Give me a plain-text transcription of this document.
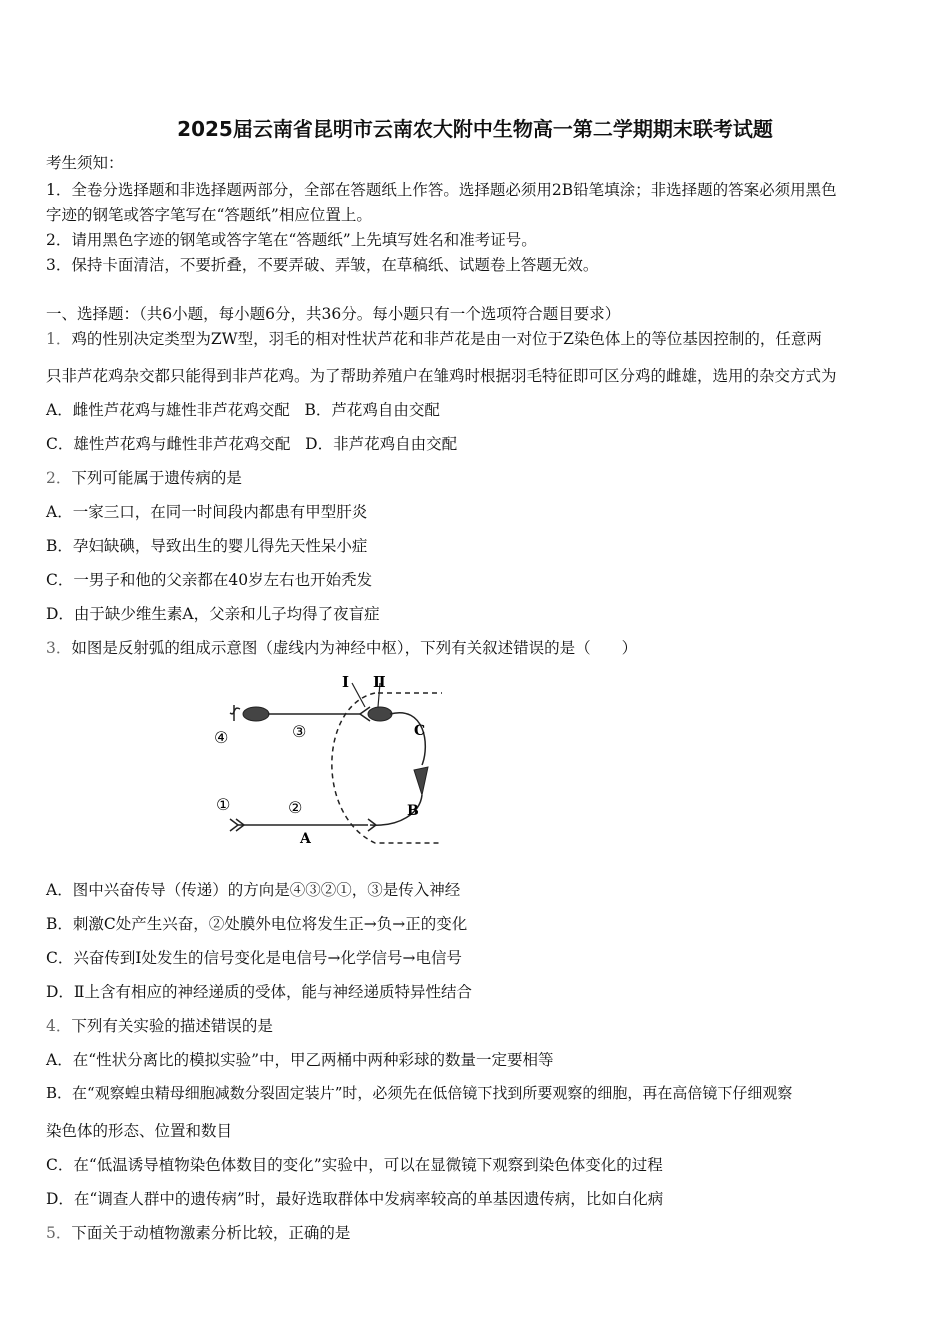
2025届云南省昆明市云南农大附中生物高一第二学期期末联考试题
考生须知：
1．全卷分选择题和非选择题两部分，全部在答题纸上作答。选择题必须用2B铅笔填涂；非选择题的答案必须用黑色
字迹的钢笔或答字笔写在“答题纸”相应位置上。
2．请用黑色字迹的钢笔或答字笔在“答题纸”上先填写姓名和准考证号。
3．保持卡面清洁，不要折叠，不要弄破、弄皱，在草稿纸、试题卷上答题无效。
一、选择题：（共6小题，每小题6分，共36分。每小题只有一个选项符合题目要求）
1．鸡的性别决定类型为ZW型，羽毛的相对性状芦花和非芦花是由一对位于Z染色体上的等位基因控制的，任意两
只非芦花鸡杂交都只能得到非芦花鸡。为了帮助养殖户在雏鸡时根据羽毛特征即可区分鸡的雌雄，选用的杂交方式为
A．雌性芦花鸡与雄性非芦花鸡交配 B．芦花鸡自由交配
C．雄性芦花鸡与雌性非芦花鸡交配 D．非芦花鸡自由交配
2．下列可能属于遗传病的是
A．一家三口，在同一时间段内都患有甲型肝炎
B．孕妇缺碘，导致出生的婴儿得先天性呆小症
C．一男子和他的父亲都在40岁左右也开始秃发
D．由于缺少维生素A，父亲和儿子均得了夜盲症
3．如图是反射弧的组成示意图（虚线内为神经中枢），下列有关叙述错误的是（　　）
Ⅰ Ⅱ
C
B
A
④	③
①	②
A．图中兴奋传导（传递）的方向是④③②①，③是传入神经
B．刺激C处产生兴奋，②处膜外电位将发生正→负→正的变化
C．兴奋传到Ⅰ处发生的信号变化是电信号→化学信号→电信号
D．Ⅱ上含有相应的神经递质的受体，能与神经递质特异性结合
4．下列有关实验的描述错误的是
A．在“性状分离比的模拟实验”中，甲乙两桶中两种彩球的数量一定要相等
B．在“观察蝗虫精母细胞减数分裂固定装片”时，必须先在低倍镜下找到所要观察的细胞，再在高倍镜下仔细观察
染色体的形态、位置和数目
C．在“低温诱导植物染色体数目的变化”实验中，可以在显微镜下观察到染色体变化的过程
D．在“调查人群中的遗传病”时，最好选取群体中发病率较高的单基因遗传病，比如白化病
5．下面关于动植物激素分析比较，正确的是
